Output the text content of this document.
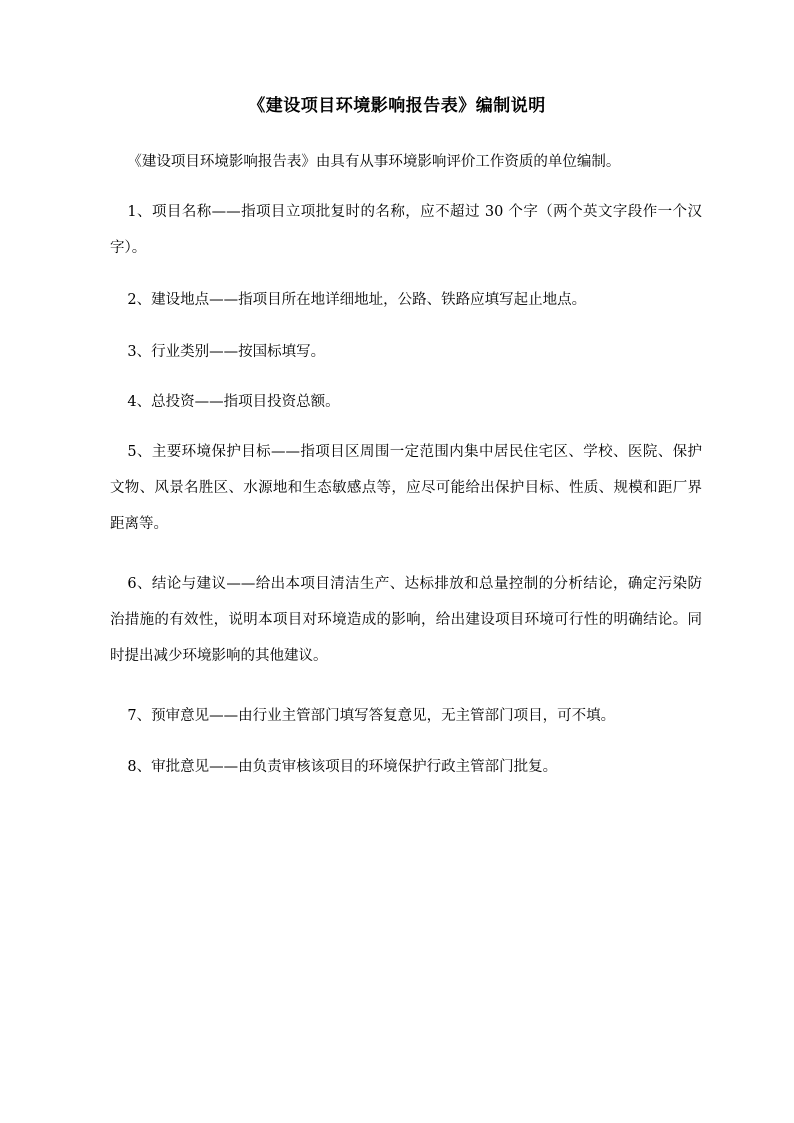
《建设项目环境影响报告表》编制说明

《建设项目环境影响报告表》由具有从事环境影响评价工作资质的单位编制。

1、项目名称——指项目立项批复时的名称，应不超过 30 个字（两个英文字段作一个汉字）。

2、建设地点——指项目所在地详细地址，公路、铁路应填写起止地点。

3、行业类别——按国标填写。

4、总投资——指项目投资总额。

5、主要环境保护目标——指项目区周围一定范围内集中居民住宅区、学校、医院、保护文物、风景名胜区、水源地和生态敏感点等，应尽可能给出保护目标、性质、规模和距厂界距离等。

6、结论与建议——给出本项目清洁生产、达标排放和总量控制的分析结论，确定污染防治措施的有效性，说明本项目对环境造成的影响，给出建设项目环境可行性的明确结论。同时提出减少环境影响的其他建议。

7、预审意见——由行业主管部门填写答复意见，无主管部门项目，可不填。

8、审批意见——由负责审核该项目的环境保护行政主管部门批复。
